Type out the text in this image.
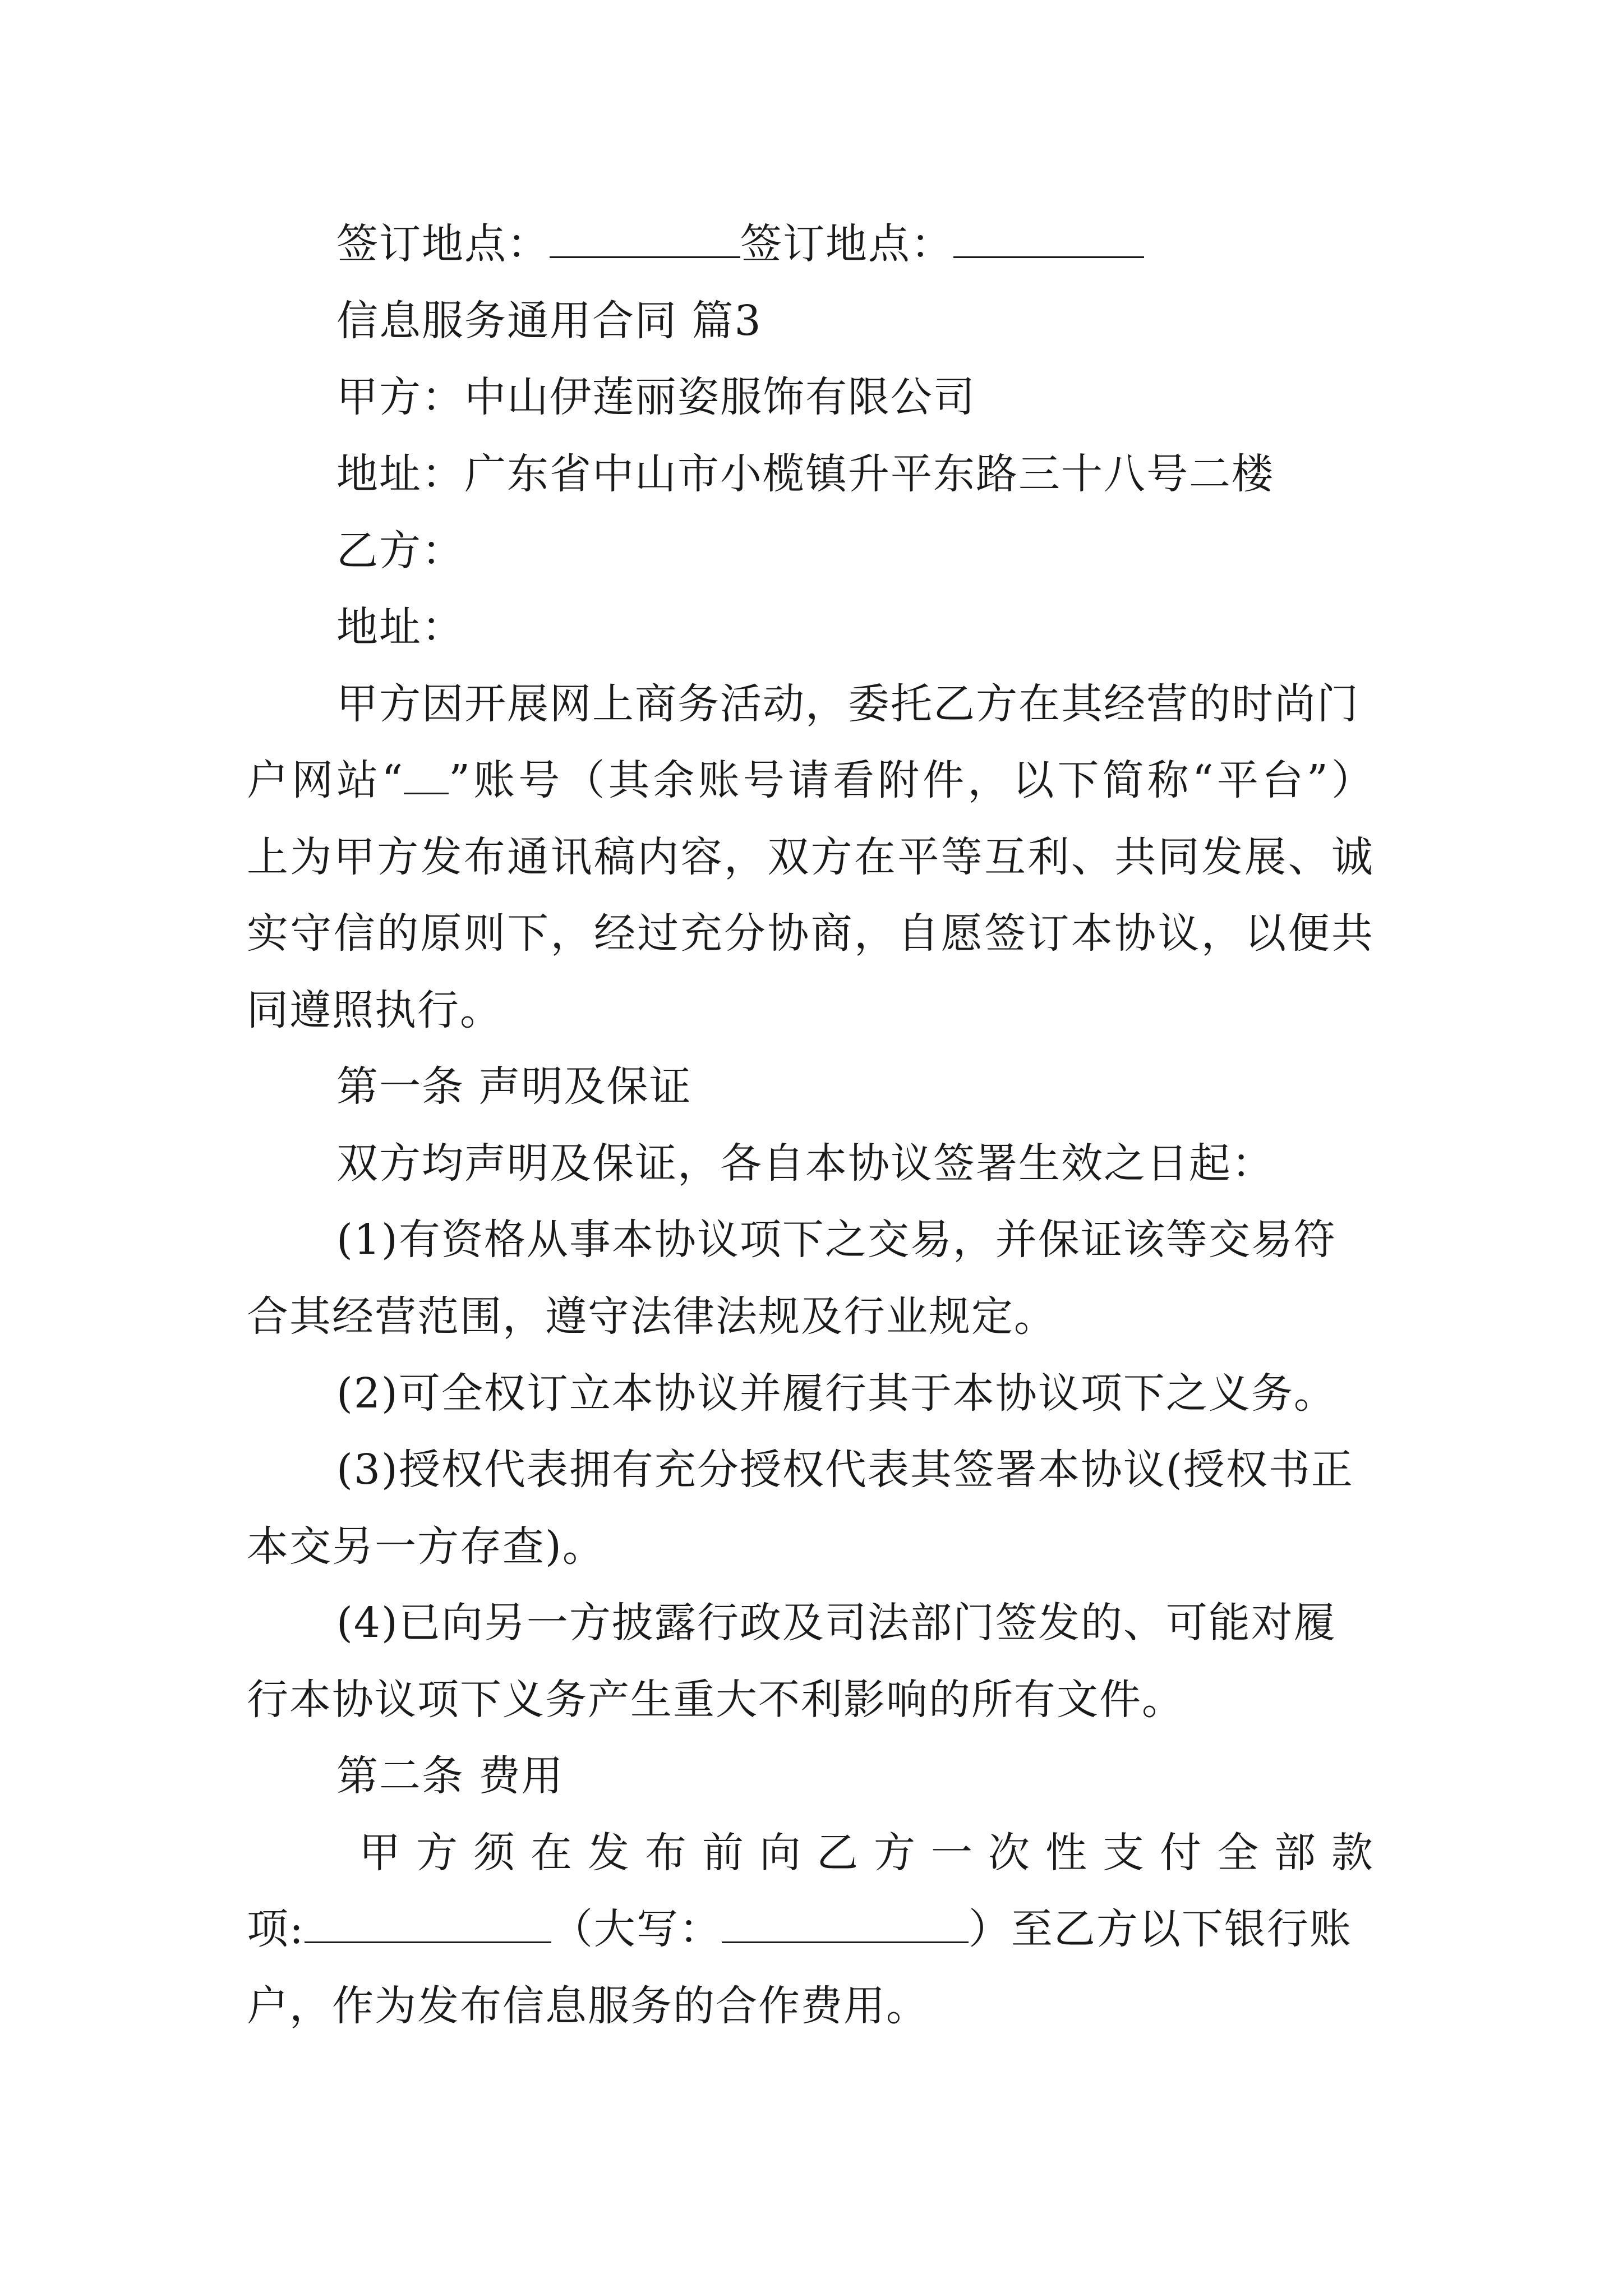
签订地点：	签订地点：
信息服务通用合同 篇3
甲方：中山伊莲丽姿服饰有限公司
地址：广东省中山市小榄镇升平东路三十八号二楼
乙方：
地址：
甲方因开展网上商务活动，委托乙方在其经营的时尚门
户网站“ ”账号（其余账号请看附件，以下简称“平台”）
上为甲方发布通讯稿内容，双方在平等互利、共同发展、诚
实守信的原则下，经过充分协商，自愿签订本协议，以便共
同遵照执行。
第一条 声明及保证
双方均声明及保证，各自本协议签署生效之日起：
(1)有资格从事本协议项下之交易，并保证该等交易符
合其经营范围，遵守法律法规及行业规定。
(2)可全权订立本协议并履行其于本协议项下之义务。
(3)授权代表拥有充分授权代表其签署本协议(授权书正
本交另一方存查)。
(4)已向另一方披露行政及司法部门签发的、可能对履
行本协议项下义务产生重大不利影响的所有文件。
第二条 费用
甲方须在发布前向乙方一次性支付全部款
项:	（大写：	）至乙方以下银行账
户，作为发布信息服务的合作费用。
